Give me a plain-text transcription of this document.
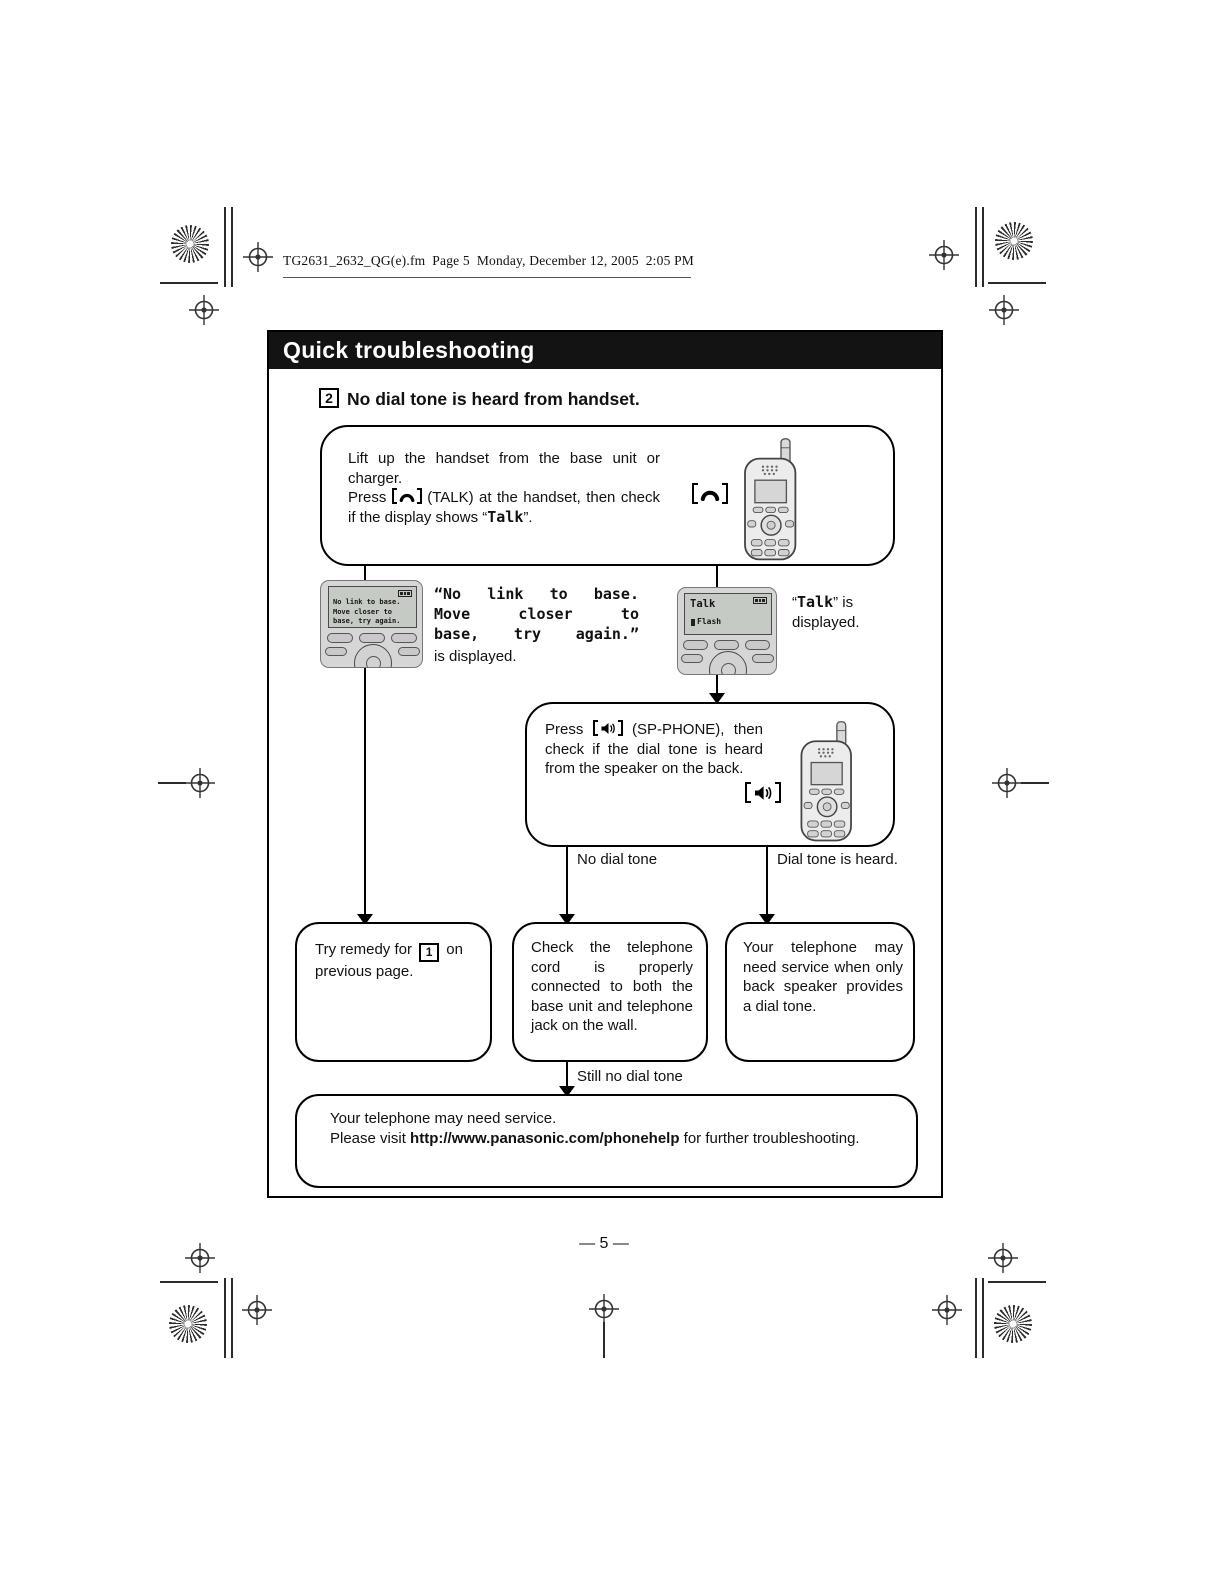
TG2631_2632_QG(e).fm Page 5 Monday, December 12, 2005 2:05 PM
Quick troubleshooting
2 No dial tone is heard from handset.
Lift up the handset from the base unit or charger.
Press
(TALK) at the handset, then check if the display shows “Talk”.
No link to base.
Move closer to
base, try again.
“No link to base.
Move closer to
base, try again.”
is displayed.
Talk
Flash
“Talk” is displayed.
Press
(SP-PHONE), then check if the dial tone is heard from the speaker on the back.
No dial tone	Dial tone is heard.
Try remedy for 1 on previous page.
Check the telephone cord is properly connected to both the base unit and telephone jack on the wall.
Your telephone may need service when only back speaker provides a dial tone.
Still no dial tone
Your telephone may need service.
Please visit http://www.panasonic.com/phonehelp for further troubleshooting.
— 5 —
